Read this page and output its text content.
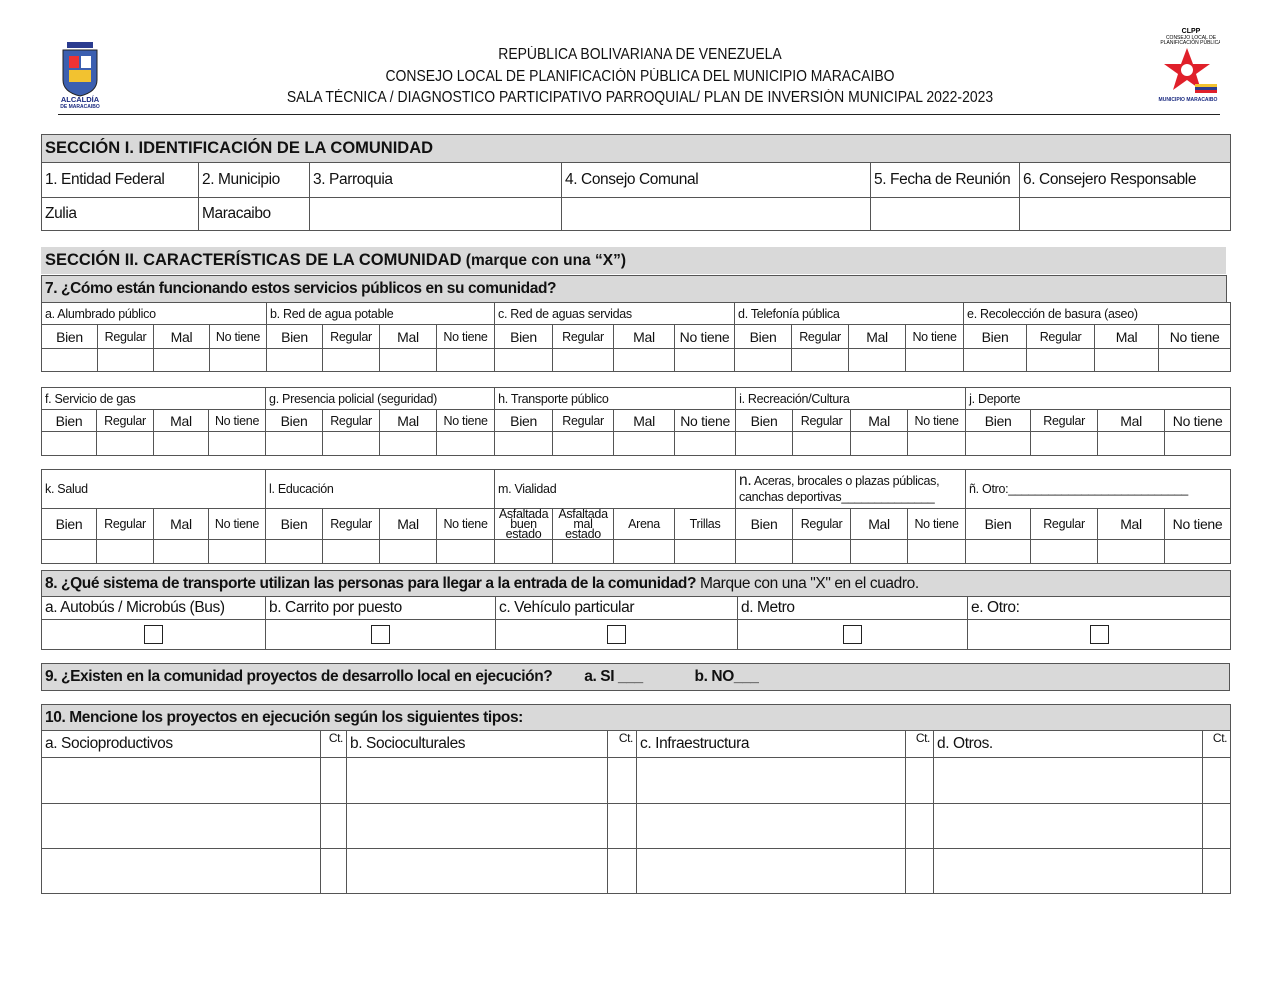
ALCALDÍA
DE MARACAIBO
CLPP
CONSEJO LOCAL DE
PLANIFICACIÓN PÚBLICA
MUNICIPIO MARACAIBO
REPÚBLICA BOLIVARIANA DE VENEZUELA
CONSEJO LOCAL DE PLANIFICACIÓN PÚBLICA DEL MUNICIPIO MARACAIBO
SALA TÉCNICA / DIAGNOSTICO PARTICIPATIVO PARROQUIAL/ PLAN DE INVERSIÓN MUNICIPAL 2022-2023
SECCIÓN I. IDENTIFICACIÓN DE LA COMUNIDAD					
1. Entidad Federal	2. Municipio	3. Parroquia	4. Consejo Comunal	5. Fecha de Reunión	6. Consejero Responsable
Zulia	Maracaibo				
SECCIÓN II. CARACTERÍSTICAS DE LA COMUNIDAD (marque con una “X”)
7. ¿Cómo están funcionando estos servicios públicos en su comunidad?
a. Alumbrado público				b. Red de agua potable				c. Red de aguas servidas				d. Telefonía pública				e. Recolección de basura (aseo)			
Bien	Regular	Mal	No tiene	Bien	Regular	Mal	No tiene	Bien	Regular	Mal	No tiene	Bien	Regular	Mal	No tiene	Bien	Regular	Mal	No tiene

f. Servicio de gas				g. Presencia policial (seguridad)				h. Transporte público				i. Recreación/Cultura				j. Deporte			
Bien	Regular	Mal	No tiene	Bien	Regular	Mal	No tiene	Bien	Regular	Mal	No tiene	Bien	Regular	Mal	No tiene	Bien	Regular	Mal	No tiene

k. Salud				l. Educación				m. Vialidad				n. Aceras, brocales o plazas públicas,
canchas deportivas______________				ñ. Otro:___________________________			
Bien	Regular	Mal	No tiene	Bien	Regular	Mal	No tiene	Asfaltada buen estado	Asfaltada mal estado	Arena	Trillas	Bien	Regular	Mal	No tiene	Bien	Regular	Mal	No tiene

8. ¿Qué sistema de transporte utilizan las personas para llegar a la entrada de la comunidad? Marque con una "X" en el cuadro.				
a. Autobús / Microbús (Bus)	b. Carrito por puesto	c. Vehículo particular	d. Metro	e. Otro:

9. ¿Existen en la comunidad proyectos de desarrollo local en ejecución? a. SI ___	b. NO___
10. Mencione los proyectos en ejecución según los siguientes tipos:							
a. Socioproductivos	Ct.	b. Socioculturales	Ct.	c. Infraestructura	Ct.	d. Otros.	Ct.
